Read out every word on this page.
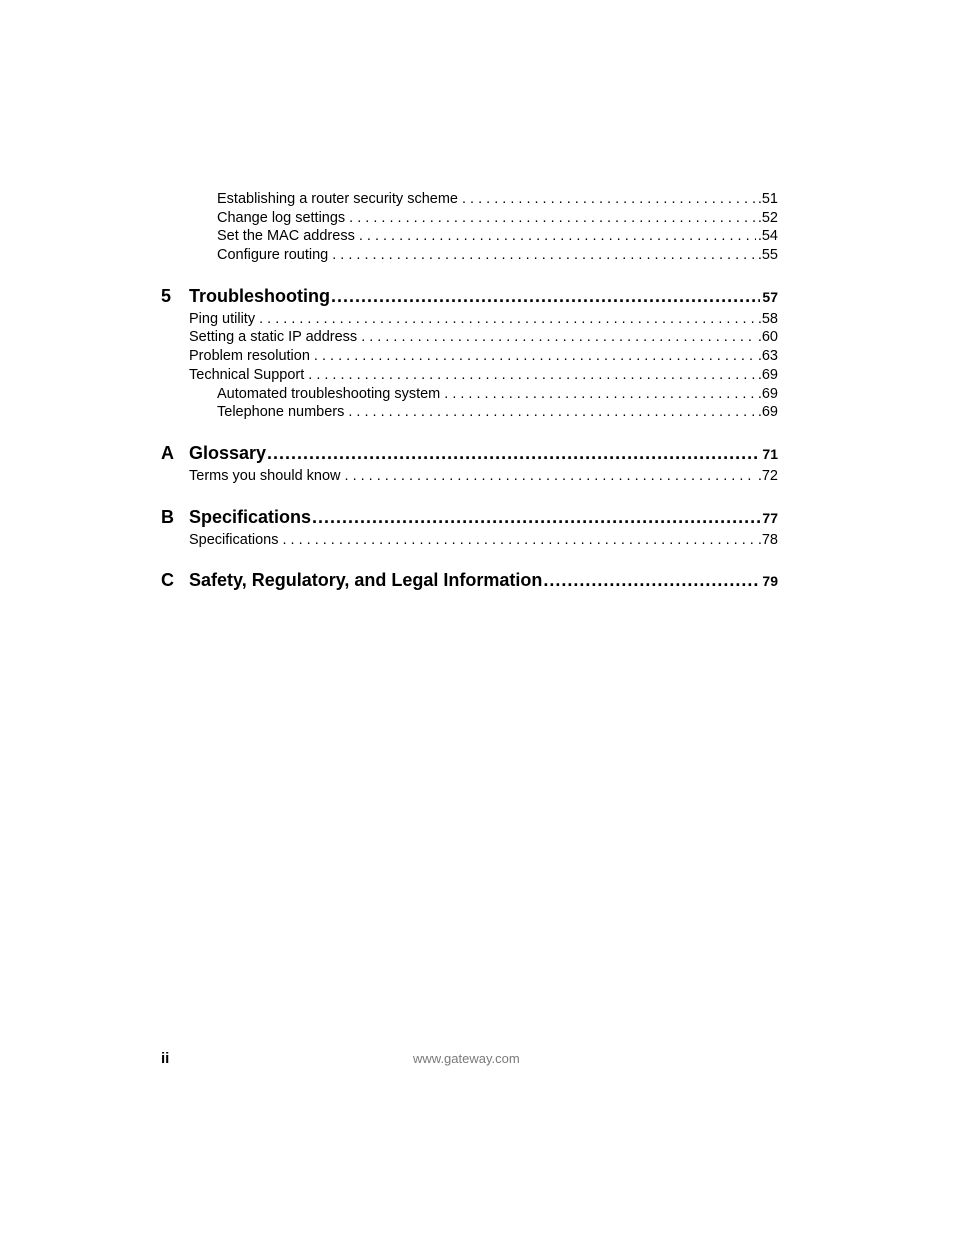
Establishing a router security scheme . . .	.51
Change log settings . . .	.52
Set the MAC address . . .	.54
Configure routing . . .	.55
5 Troubleshooting .....	57
Ping utility . . .	.58
Setting a static IP address . . .	.60
Problem resolution . . .	.63
Technical Support . . .	.69
Automated troubleshooting system . . .	.69
Telephone numbers . . .	.69
A Glossary .....	71
Terms you should know . . .	.72
B Specifications .....	77
Specifications . . .	.78
C Safety, Regulatory, and Legal Information .....	79
ii	www.gateway.com
